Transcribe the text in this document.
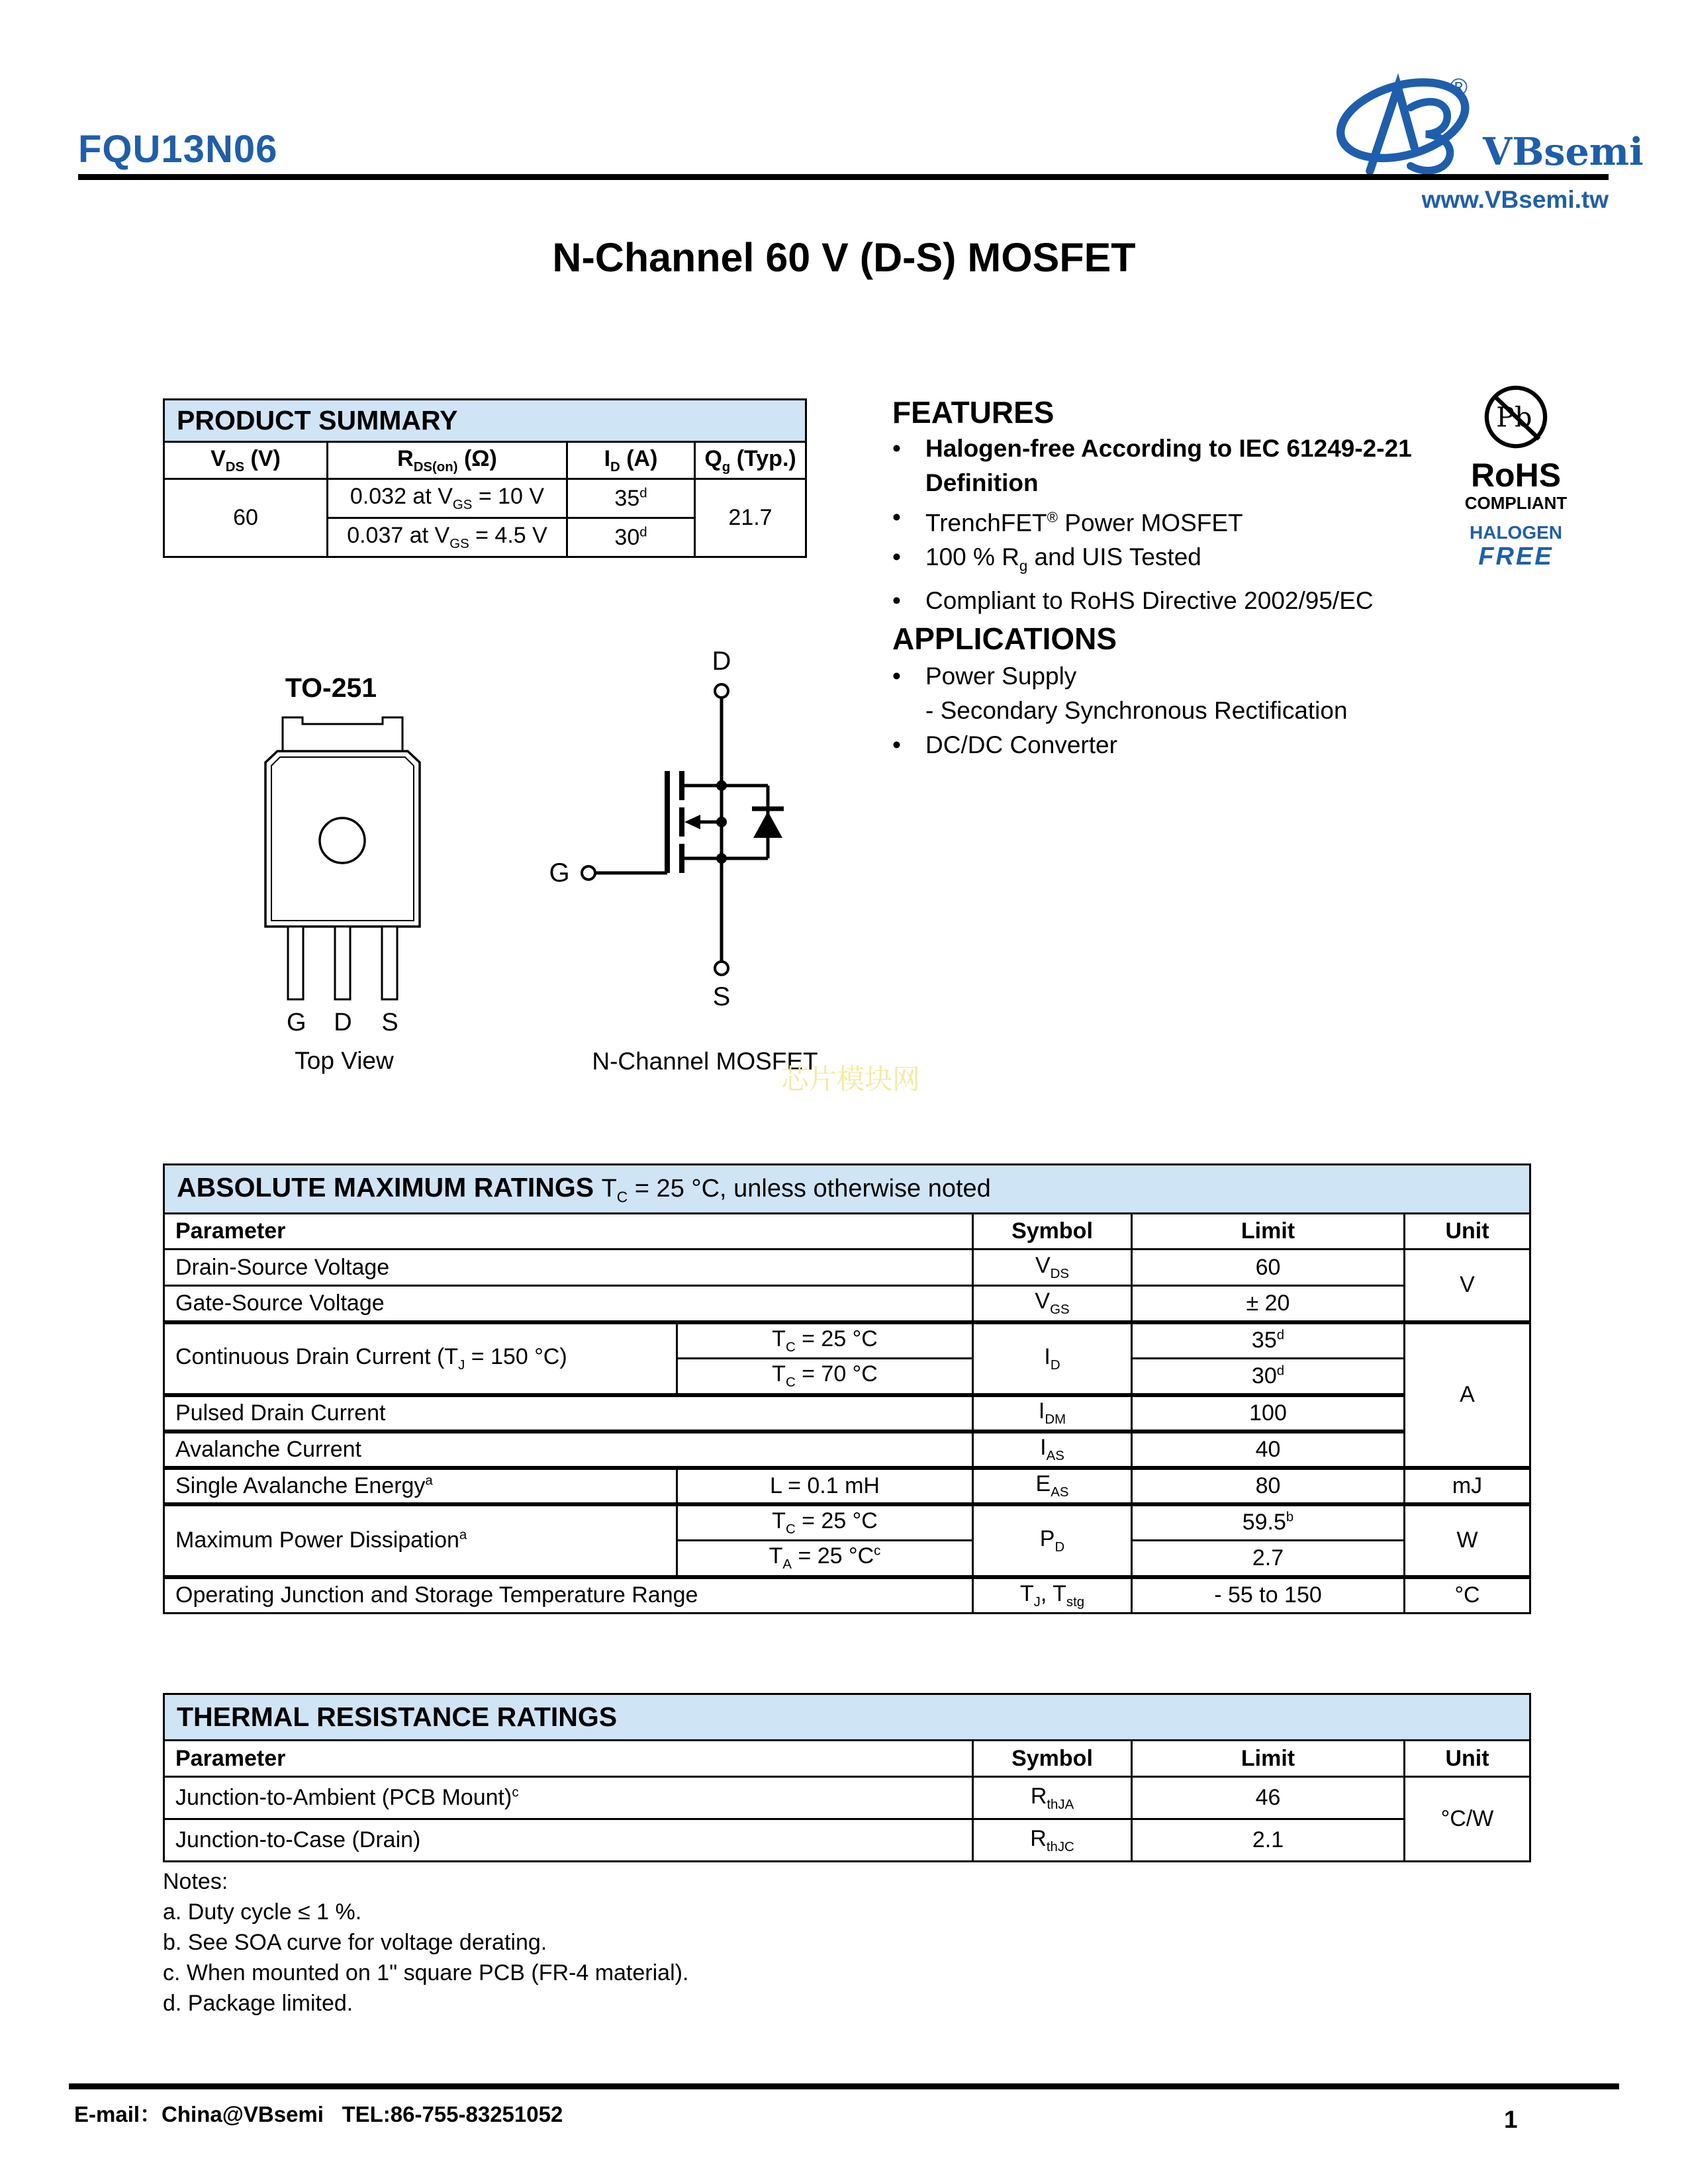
FQU13N06
®
VBsemi
www.VBsemi.tw
N-Channel 60 V (D-S) MOSFET
PRODUCT SUMMARY			
$V_{DS}$ (V)	$R_{DS(on)}$ (Ω)	$I_D$ (A)	$Q_g$ (Typ.)
60	0.032 at $V_{GS} = 10$ V	35$^d$	21.7
	0.037 at $V_{GS} = 4.5$ V	30$^d$
FEATURES
•	Halogen-free According to IEC 61249-2-21
Definition
•	TrenchFET® Power MOSFET
•	100 % $R_g$ and UIS Tested
•	Compliant to RoHS Directive 2002/95/EC
Pb
RoHS
COMPLIANT
HALOGEN
FREE
APPLICATIONS
•	Power Supply
- Secondary Synchronous Rectification
•	DC/DC Converter
TO-251
G D S
Top View
D
S
G
N-Channel MOSFET
芯片模块网
ABSOLUTE MAXIMUM RATINGS $T_C = 25$ °C, unless otherwise noted				
Parameter		Symbol	Limit	Unit
Drain-Source Voltage		$V_{DS}$	60	V
Gate-Source Voltage		$V_{GS}$	± 20	
Continuous Drain Current ($T_J = 150$ °C)	$T_C = 25$ °C	$I_D$	35$^d$	A
	$T_C = 70$ °C		30$^d$
Pulsed Drain Current		$I_{DM}$	100	
Avalanche Current		$I_{AS}$	40	
Single Avalanche Energy$^a$	L = 0.1 mH	$E_{AS}$	80	mJ
Maximum Power Dissipation$^a$	$T_C = 25$ °C	$P_D$	59.5$^b$	W
	$T_A = 25$ $^\circ C^c$		2.7	
Operating Junction and Storage Temperature Range		$T_J$, $T_{stg}$	- 55 to 150	°C
THERMAL RESISTANCE RATINGS			
Parameter	Symbol	Limit	Unit
Junction-to-Ambient (PCB Mount)$^c$	$R_{thJA}$	46	°C/W
Junction-to-Case (Drain)	$R_{thJC}$	2.1	
Notes:
a. Duty cycle ≤ 1 %.
b. See SOA curve for voltage derating.
c. When mounted on 1" square PCB (FR-4 material).
d. Package limited.
E-mail：China@VBsemi   TEL:86-755-83251052	1
